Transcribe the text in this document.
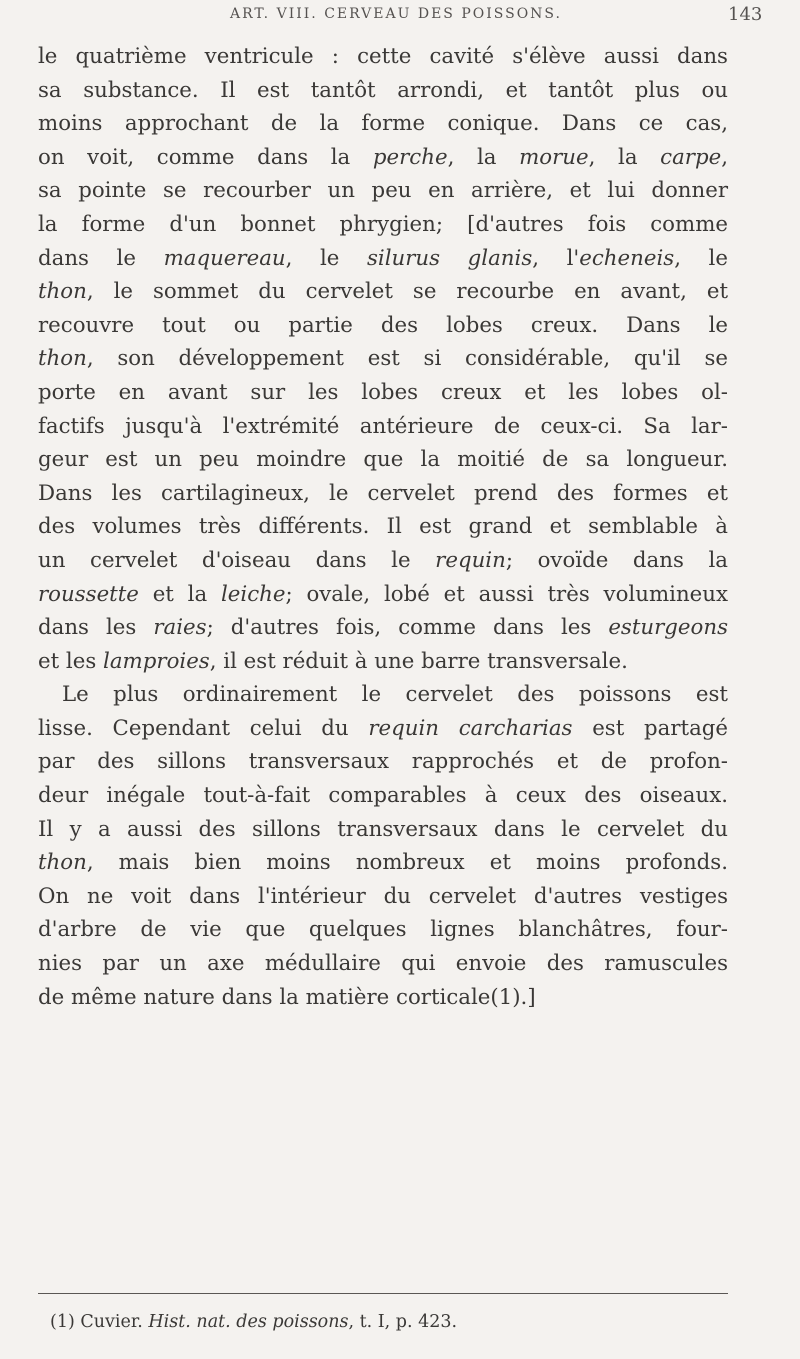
ART. VIII. CERVEAU DES POISSONS.	143
le quatrième ventricule : cette cavité s'élève aussi dans
sa substance. Il est tantôt arrondi, et tantôt plus ou
moins approchant de la forme conique. Dans ce cas,
on voit, comme dans la perche, la morue, la carpe,
sa pointe se recourber un peu en arrière, et lui donner
la forme d'un bonnet phrygien; [d'autres fois comme
dans le maquereau, le silurus glanis, l'echeneis, le
thon, le sommet du cervelet se recourbe en avant, et
recouvre tout ou partie des lobes creux. Dans le
thon, son développement est si considérable, qu'il se
porte en avant sur les lobes creux et les lobes ol-
factifs jusqu'à l'extrémité antérieure de ceux-ci. Sa lar-
geur est un peu moindre que la moitié de sa longueur.
Dans les cartilagineux, le cervelet prend des formes et
des volumes très différents. Il est grand et semblable à
un cervelet d'oiseau dans le requin; ovoïde dans la
roussette et la leiche; ovale, lobé et aussi très volumineux
dans les raies; d'autres fois, comme dans les esturgeons
et les lamproies, il est réduit à une barre transversale.
Le plus ordinairement le cervelet des poissons est
lisse. Cependant celui du requin carcharias est partagé
par des sillons transversaux rapprochés et de profon-
deur inégale tout-à-fait comparables à ceux des oiseaux.
Il y a aussi des sillons transversaux dans le cervelet du
thon, mais bien moins nombreux et moins profonds.
On ne voit dans l'intérieur du cervelet d'autres vestiges
d'arbre de vie que quelques lignes blanchâtres, four-
nies par un axe médullaire qui envoie des ramuscules
de même nature dans la matière corticale(1).]
(1) Cuvier. Hist. nat. des poissons, t. I, p. 423.
